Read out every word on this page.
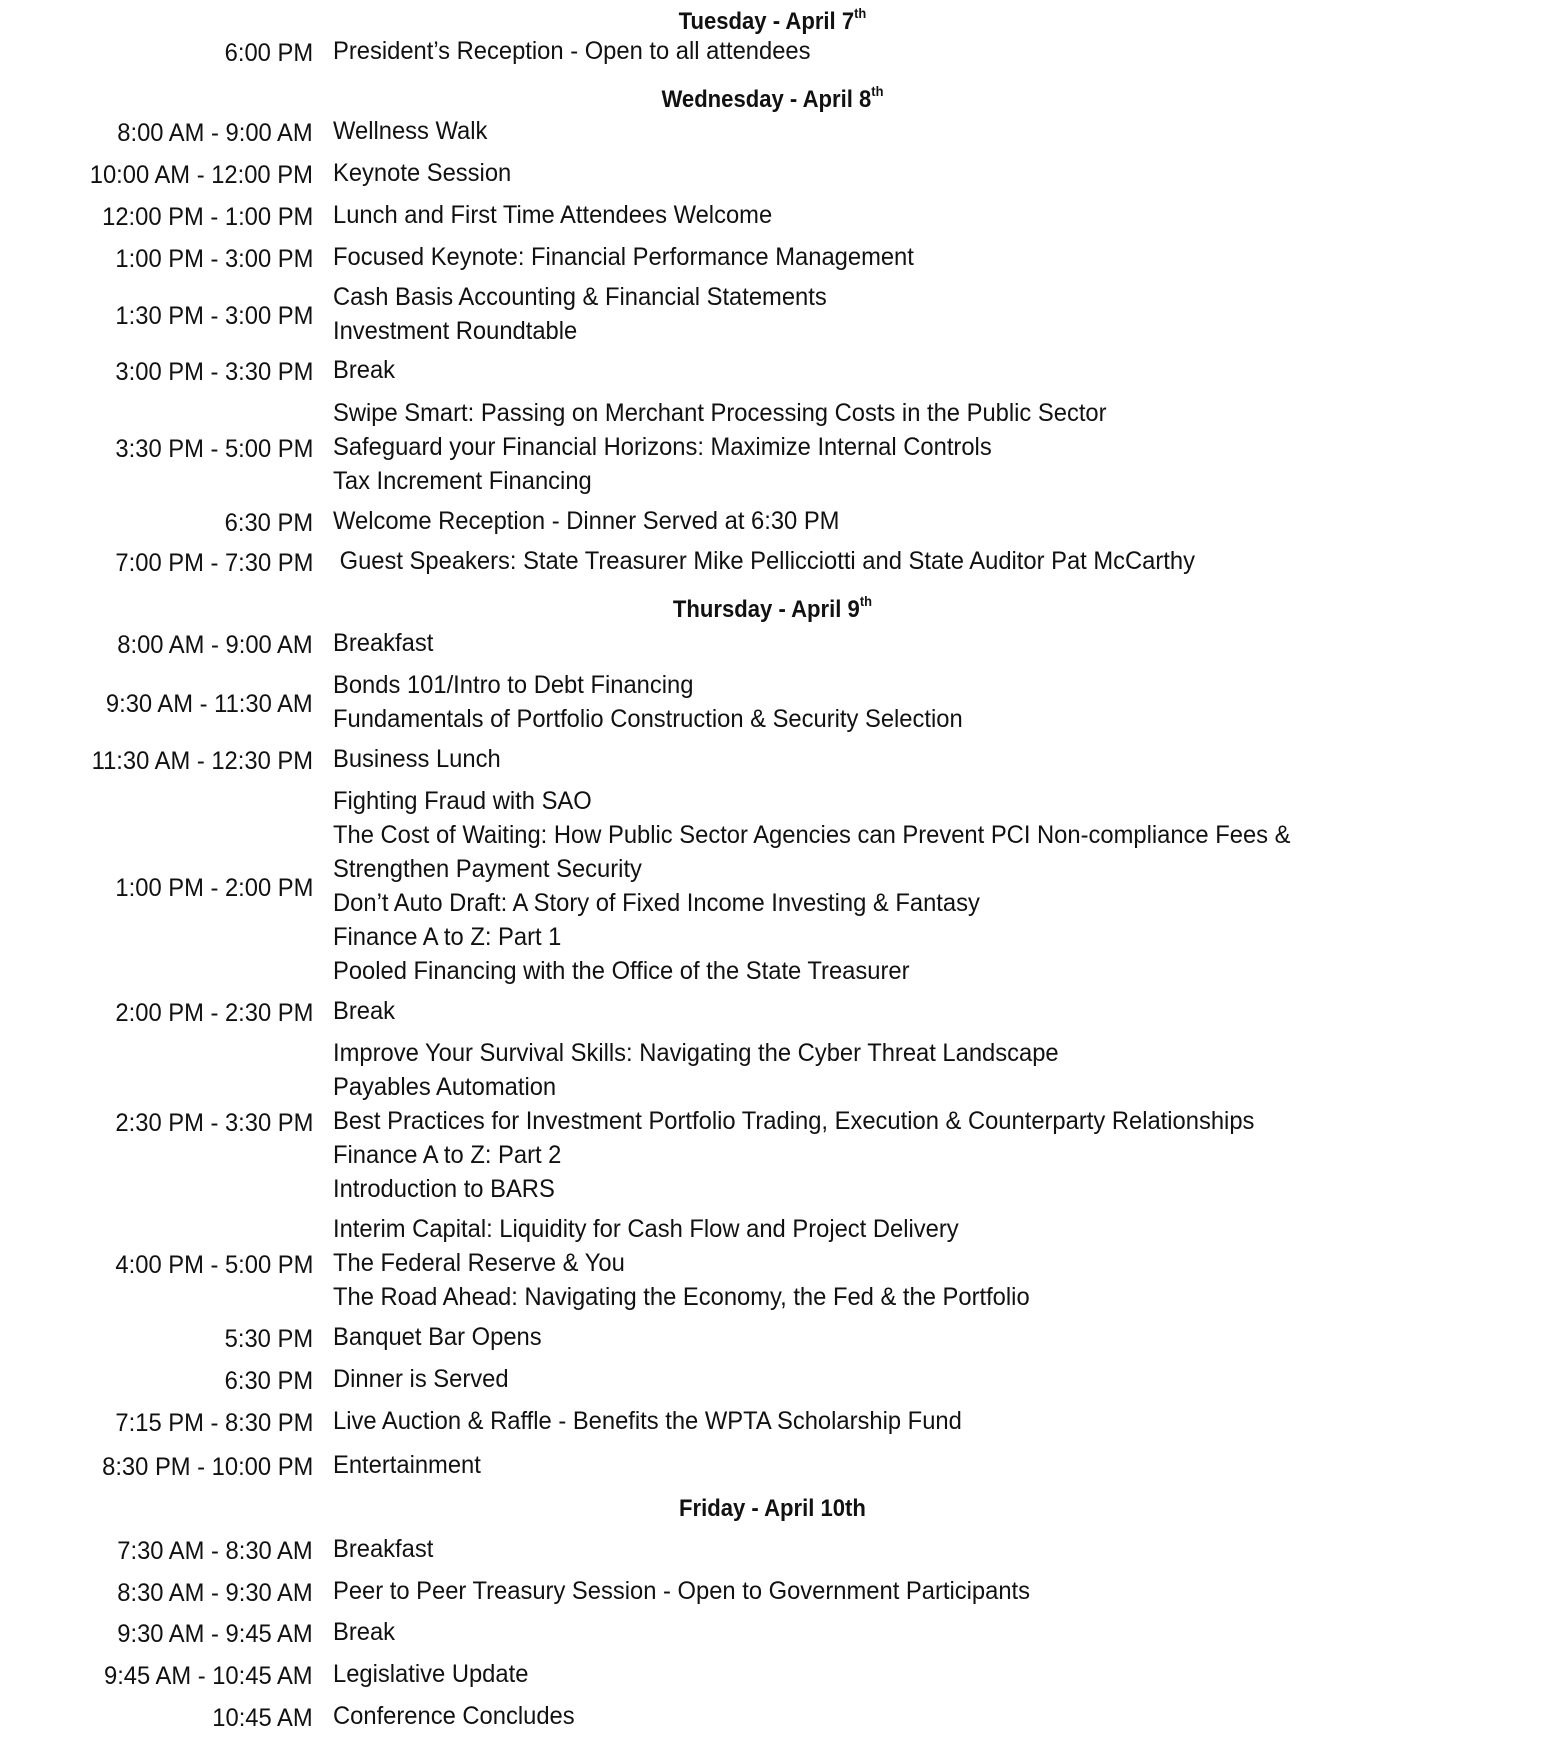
Tuesday - April 7th
6:00 PM President’s Reception - Open to all attendees
Wednesday - April 8th
8:00 AM - 9:00 AM Wellness Walk
10:00 AM - 12:00 PM Keynote Session
12:00 PM - 1:00 PM Lunch and First Time Attendees Welcome
1:00 PM - 3:00 PM Focused Keynote: Financial Performance Management
1:30 PM - 3:00 PM
Cash Basis Accounting & Financial Statements
Investment Roundtable
3:00 PM - 3:30 PM Break
3:30 PM - 5:00 PM
Swipe Smart: Passing on Merchant Processing Costs in the Public Sector
Safeguard your Financial Horizons: Maximize Internal Controls
Tax Increment Financing
6:30 PM Welcome Reception - Dinner Served at 6:30 PM
7:00 PM - 7:30 PM Guest Speakers: State Treasurer Mike Pellicciotti and State Auditor Pat McCarthy
Thursday - April 9th
8:00 AM - 9:00 AM Breakfast
9:30 AM - 11:30 AM
Bonds 101/Intro to Debt Financing
Fundamentals of Portfolio Construction & Security Selection
11:30 AM - 12:30 PM Business Lunch
1:00 PM - 2:00 PM
Fighting Fraud with SAO
The Cost of Waiting: How Public Sector Agencies can Prevent PCI Non-compliance Fees &
Strengthen Payment Security
Don’t Auto Draft: A Story of Fixed Income Investing & Fantasy
Finance A to Z: Part 1
Pooled Financing with the Office of the State Treasurer
2:00 PM - 2:30 PM Break
2:30 PM - 3:30 PM
Improve Your Survival Skills: Navigating the Cyber Threat Landscape
Payables Automation
Best Practices for Investment Portfolio Trading, Execution & Counterparty Relationships
Finance A to Z: Part 2
Introduction to BARS
4:00 PM - 5:00 PM
Interim Capital: Liquidity for Cash Flow and Project Delivery
The Federal Reserve & You
The Road Ahead: Navigating the Economy, the Fed & the Portfolio
5:30 PM Banquet Bar Opens
6:30 PM Dinner is Served
7:15 PM - 8:30 PM Live Auction & Raffle - Benefits the WPTA Scholarship Fund
8:30 PM - 10:00 PM Entertainment
Friday - April 10th
7:30 AM - 8:30 AM Breakfast
8:30 AM - 9:30 AM Peer to Peer Treasury Session - Open to Government Participants
9:30 AM - 9:45 AM Break
9:45 AM - 10:45 AM Legislative Update
10:45 AM Conference Concludes
